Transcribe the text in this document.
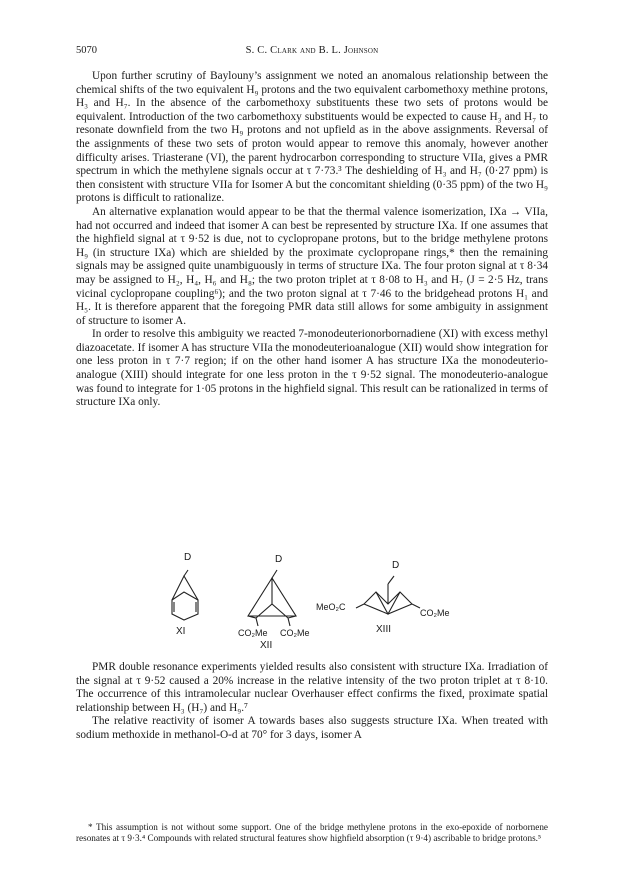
5070	S. C. Clark and B. L. Johnson

Upon further scrutiny of Baylouny’s assignment we noted an anomalous relationship between the chemical shifts of the two equivalent H₉ protons and the two equivalent carbomethoxy methine protons, H₃ and H₇. In the absence of the carbomethoxy substituents these two sets of protons would be equivalent. Introduction of the two carbomethoxy substituents would be expected to cause H₃ and H₇ to resonate downfield from the two H₉ protons and not upfield as in the above assignments. Reversal of the assignments of these two sets of proton would appear to remove this anomaly, however another difficulty arises. Triasterane (VI), the parent hydrocarbon corresponding to structure VIIa, gives a PMR spectrum in which the methylene signals occur at τ 7·73.³ The deshielding of H₃ and H₇ (0·27 ppm) is then consistent with structure VIIa for Isomer A but the concomitant shielding (0·35 ppm) of the two H₉ protons is difficult to rationalize.

An alternative explanation would appear to be that the thermal valence isomerization, IXa → VIIa, had not occurred and indeed that isomer A can best be represented by structure IXa. If one assumes that the highfield signal at τ 9·52 is due, not to cyclopropane protons, but to the bridge methylene protons H₉ (in structure IXa) which are shielded by the proximate cyclopropane rings,* then the remaining signals may be assigned quite unambiguously in terms of structure IXa. The four proton signal at τ 8·34 may be assigned to H₂, H₄, H₆ and H₈; the two proton triplet at τ 8·08 to H₃ and H₇ (J = 2·5 Hz, trans vicinal cyclopropane coupling⁶); and the two proton signal at τ 7·46 to the bridgehead protons H₁ and H₅. It is therefore apparent that the foregoing PMR data still allows for some ambiguity in assignment of structure to isomer A.

In order to resolve this ambiguity we reacted 7-monodeuterionorbornadiene (XI) with excess methyl diazoacetate. If isomer A has structure VIIa the monodeuterioanalogue (XII) would show integration for one less proton in τ 7·7 region; if on the other hand isomer A has structure IXa the monodeuterio-analogue (XIII) should integrate for one less proton in the τ 9·52 signal. The monodeuterio-analogue was found to integrate for 1·05 protons in the highfield signal. This result can be rationalized in terms of structure IXa only.

D
XI
D
CO₂Me CO₂Me
XII
D
MeO₂C
CO₂Me
XIII

PMR double resonance experiments yielded results also consistent with structure IXa. Irradiation of the signal at τ 9·52 caused a 20% increase in the relative intensity of the two proton triplet at τ 8·10. The occurrence of this intramolecular nuclear Overhauser effect confirms the fixed, proximate spatial relationship between H₃ (H₇) and H₉.⁷

The relative reactivity of isomer A towards bases also suggests structure IXa. When treated with sodium methoxide in methanol-O-d at 70° for 3 days, isomer A

* This assumption is not without some support. One of the bridge methylene protons in the exo-epoxide of norbornene resonates at τ 9·3.⁴ Compounds with related structural features show highfield absorption (τ 9·4) ascribable to bridge protons.⁵
